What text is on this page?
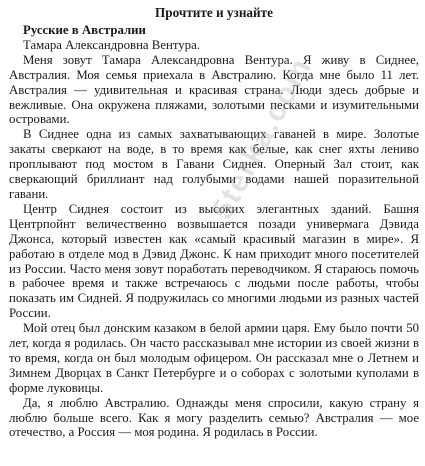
Прочтите и узнайте
Русские в Австралии
Тамара Александровна Вентура.

Меня зовут Тамара Александровна Вентура. Я живу в Сиднее, Австралия. Моя семья приехала в Австралию. Когда мне было 11 лет. Австралия — удивительная и красивая страна. Люди здесь добрые и вежливые. Она окружена пляжами, золотыми песками и изумительными островами.

В Сиднее одна из самых захватывающих гаваней в мире. Золотые закаты сверкают на воде, в то время как белые, как снег яхты лениво проплывают под мостом в Гавани Сиднея. Оперный Зал стоит, как сверкающий бриллиант над голубыми водами нашей поразительной гавани.

Центр Сиднея состоит из высоких элегантных зданий. Башня Центрпойнт величественно возвышается позади универмага Дэвида Джонса, который известен как «самый красивый магазин в мире». Я работаю в отделе мод в Дэвид Джонс. К нам приходит много посетителей из России. Часто меня зовут поработать переводчиком. Я стараюсь помочь в рабочее время и также встречаюсь с людьми после работы, чтобы показать им Сидней. Я подружилась со многими людьми из разных частей России.

Мой отец был донским казаком в белой армии царя. Ему было почти 50 лет, когда я родилась. Он часто рассказывал мне истории из своей жизни в то время, когда он был молодым офицером. Он рассказал мне о Летнем и Зимнем Дворцах в Санкт Петербурге и о соборах с золотыми куполами в форме луковицы.

Да, я люблю Австралию. Однажды меня спросили, какую страну я люблю больше всего. Как я могу разделить семью? Австралия — мое отечество, а Россия — моя родина. Я родилась в России.

5terka.com
